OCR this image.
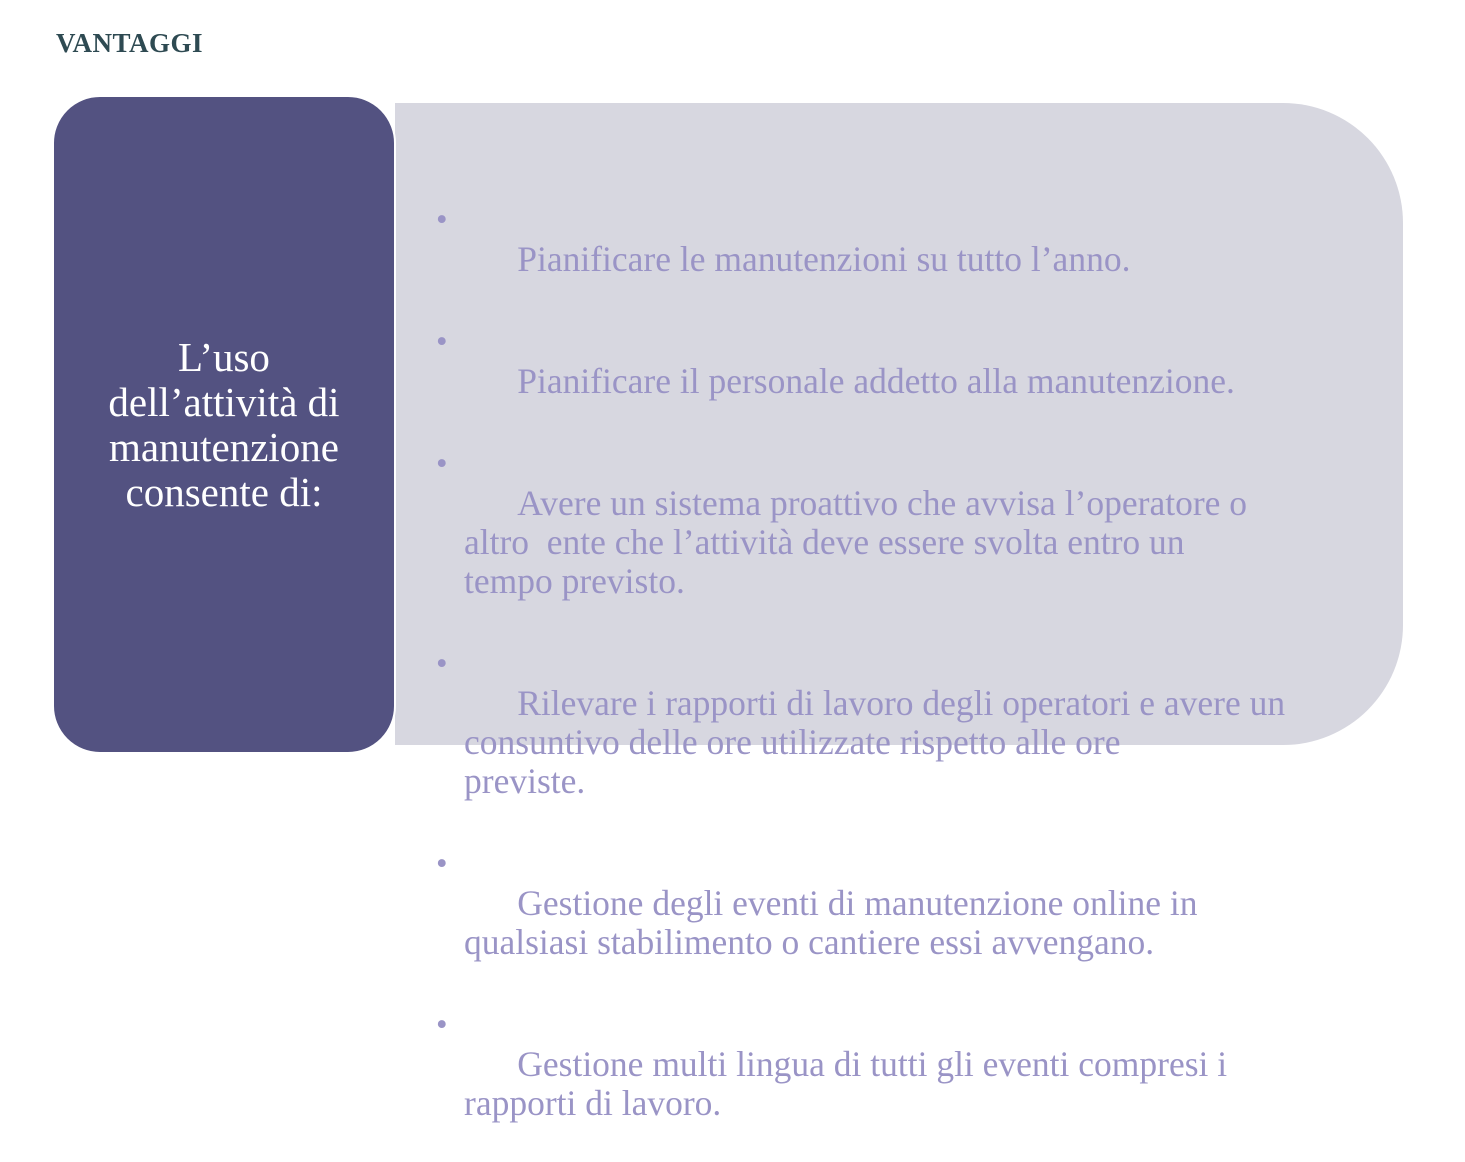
VANTAGGI

•
Pianificare le manutenzioni su tutto l’anno.

•
Pianificare il personale addetto alla manutenzione.

•
Avere un sistema proattivo che avvisa l’operatore o
altro  ente che l’attività deve essere svolta entro un
tempo previsto.

•
Rilevare i rapporti di lavoro degli operatori e avere un
consuntivo delle ore utilizzate rispetto alle ore
previste.

•
Gestione degli eventi di manutenzione online in
qualsiasi stabilimento o cantiere essi avvengano.

•
Gestione multi lingua di tutti gli eventi compresi i
rapporti di lavoro.

L’uso
dell’attività di
manutenzione
consente di:
